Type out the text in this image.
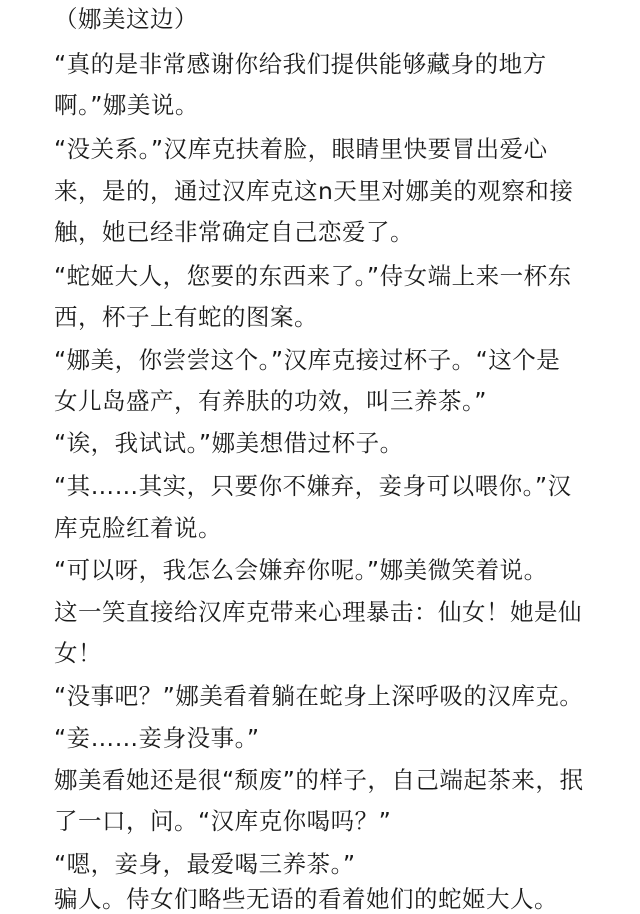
（娜美这边）
“真的是非常感谢你给我们提供能够藏身的地方
啊。”娜美说。
“没关系。”汉库克扶着脸，眼睛里快要冒出爱心
来，是的，通过汉库克这n天里对娜美的观察和接
触，她已经非常确定自己恋爱了。
“蛇姬大人，您要的东西来了。”侍女端上来一杯东
西，杯子上有蛇的图案。
“娜美，你尝尝这个。”汉库克接过杯子。“这个是
女儿岛盛产，有养肤的功效，叫三养茶。”
“诶，我试试。”娜美想借过杯子。
“其……其实，只要你不嫌弃，妾身可以喂你。”汉
库克脸红着说。
“可以呀，我怎么会嫌弃你呢。”娜美微笑着说。
这一笑直接给汉库克带来心理暴击：仙女！她是仙
女！
“没事吧？”娜美看着躺在蛇身上深呼吸的汉库克。
“妾……妾身没事。”
娜美看她还是很“颓废”的样子，自己端起茶来，抿
了一口，问。“汉库克你喝吗？”
“嗯，妾身，最爱喝三养茶。”
骗人。侍女们略些无语的看着她们的蛇姬大人。
